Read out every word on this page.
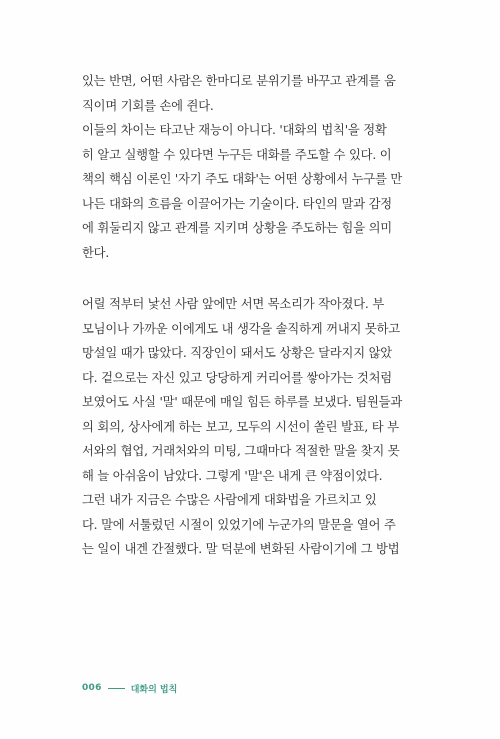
있는 반면, 어떤 사람은 한마디로 분위기를 바꾸고 관계를 움
직이며 기회를 손에 쥔다.
이들의 차이는 타고난 재능이 아니다. '대화의 법칙'을 정확
히 알고 실행할 수 있다면 누구든 대화를 주도할 수 있다. 이
책의 핵심 이론인 '자기 주도 대화'는 어떤 상황에서 누구를 만
나든 대화의 흐름을 이끌어가는 기술이다. 타인의 말과 감정
에 휘둘리지 않고 관계를 지키며 상황을 주도하는 힘을 의미
한다.
어릴 적부터 낯선 사람 앞에만 서면 목소리가 작아졌다. 부
모님이나 가까운 이에게도 내 생각을 솔직하게 꺼내지 못하고
망설일 때가 많았다. 직장인이 돼서도 상황은 달라지지 않았
다. 겉으로는 자신 있고 당당하게 커리어를 쌓아가는 것처럼
보였어도 사실 '말' 때문에 매일 힘든 하루를 보냈다. 팀원들과
의 회의, 상사에게 하는 보고, 모두의 시선이 쏠린 발표, 타 부
서와의 협업, 거래처와의 미팅, 그때마다 적절한 말을 찾지 못
해 늘 아쉬움이 남았다. 그렇게 '말'은 내게 큰 약점이었다.
그런 내가 지금은 수많은 사람에게 대화법을 가르치고 있
다. 말에 서툴렀던 시절이 있었기에 누군가의 말문을 열어 주
는 일이 내겐 간절했다. 말 덕분에 변화된 사람이기에 그 방법
006	대화의 법칙
